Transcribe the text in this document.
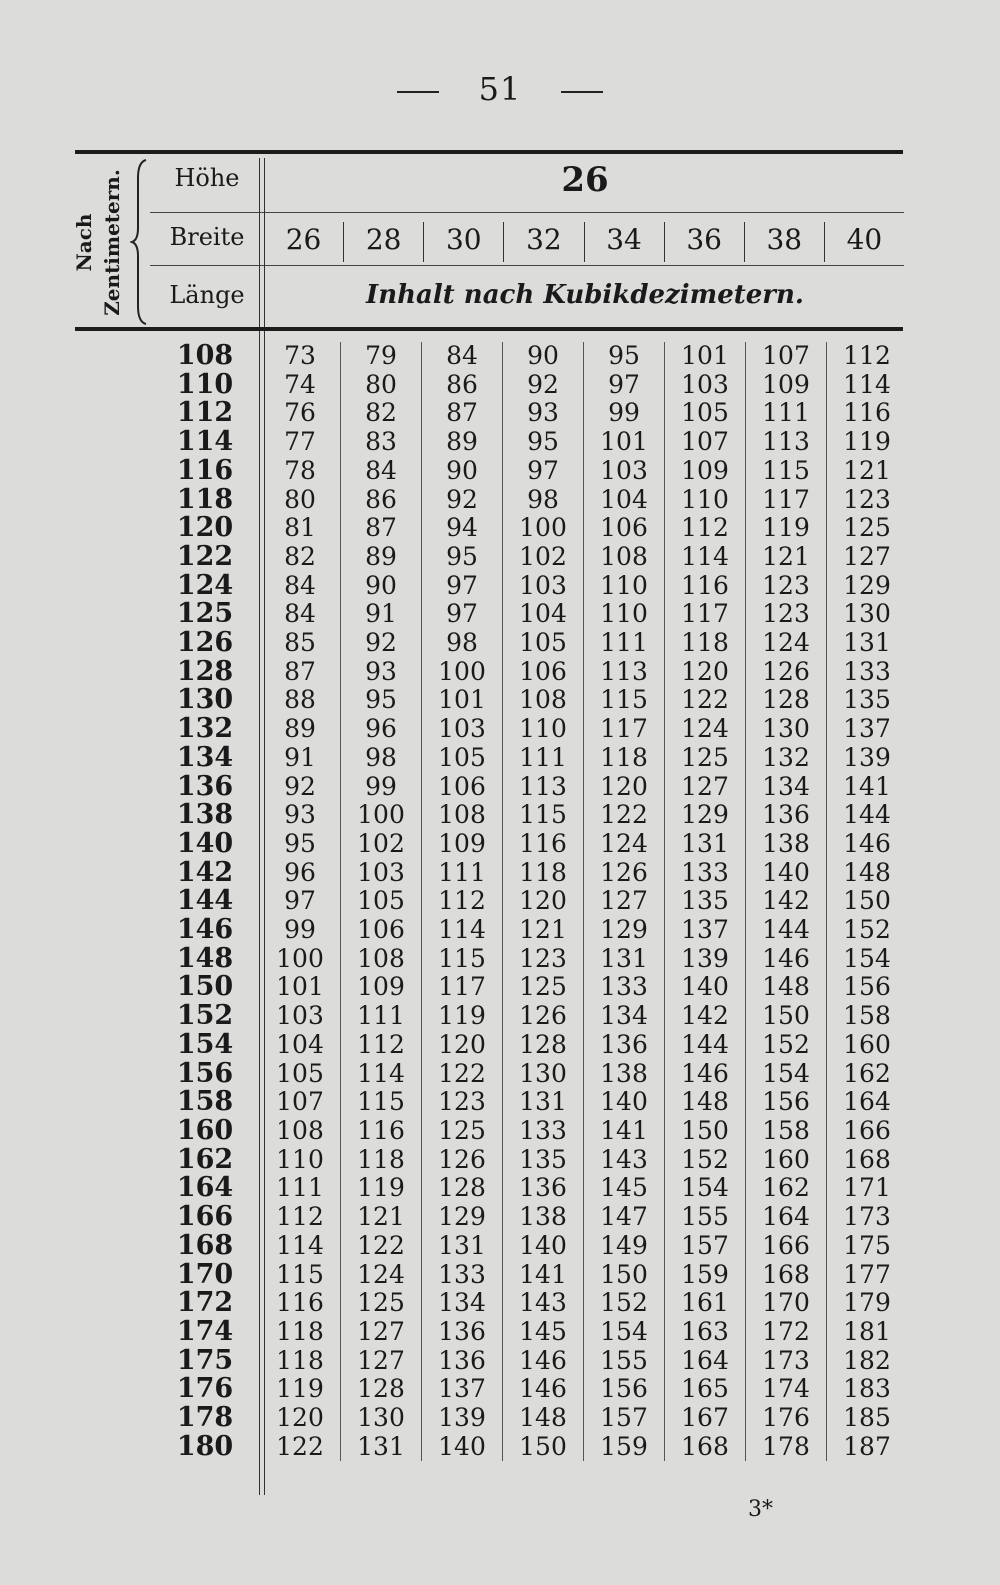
51
Nach Zentimetern.	Höhe
Breite
Länge
26
26	28	30	32	34	36	38	40
Inhalt nach Kubikdezimetern.
108	73	79	84	90	95	101	107	112
110	74	80	86	92	97	103	109	114
112	76	82	87	93	99	105	111	116
114	77	83	89	95	101	107	113	119
116	78	84	90	97	103	109	115	121
118	80	86	92	98	104	110	117	123
120	81	87	94	100	106	112	119	125
122	82	89	95	102	108	114	121	127
124	84	90	97	103	110	116	123	129
125	84	91	97	104	110	117	123	130
126	85	92	98	105	111	118	124	131
128	87	93	100	106	113	120	126	133
130	88	95	101	108	115	122	128	135
132	89	96	103	110	117	124	130	137
134	91	98	105	111	118	125	132	139
136	92	99	106	113	120	127	134	141
138	93	100	108	115	122	129	136	144
140	95	102	109	116	124	131	138	146
142	96	103	111	118	126	133	140	148
144	97	105	112	120	127	135	142	150
146	99	106	114	121	129	137	144	152
148	100	108	115	123	131	139	146	154
150	101	109	117	125	133	140	148	156
152	103	111	119	126	134	142	150	158
154	104	112	120	128	136	144	152	160
156	105	114	122	130	138	146	154	162
158	107	115	123	131	140	148	156	164
160	108	116	125	133	141	150	158	166
162	110	118	126	135	143	152	160	168
164	111	119	128	136	145	154	162	171
166	112	121	129	138	147	155	164	173
168	114	122	131	140	149	157	166	175
170	115	124	133	141	150	159	168	177
172	116	125	134	143	152	161	170	179
174	118	127	136	145	154	163	172	181
175	118	127	136	146	155	164	173	182
176	119	128	137	146	156	165	174	183
178	120	130	139	148	157	167	176	185
180	122	131	140	150	159	168	178	187
3*
